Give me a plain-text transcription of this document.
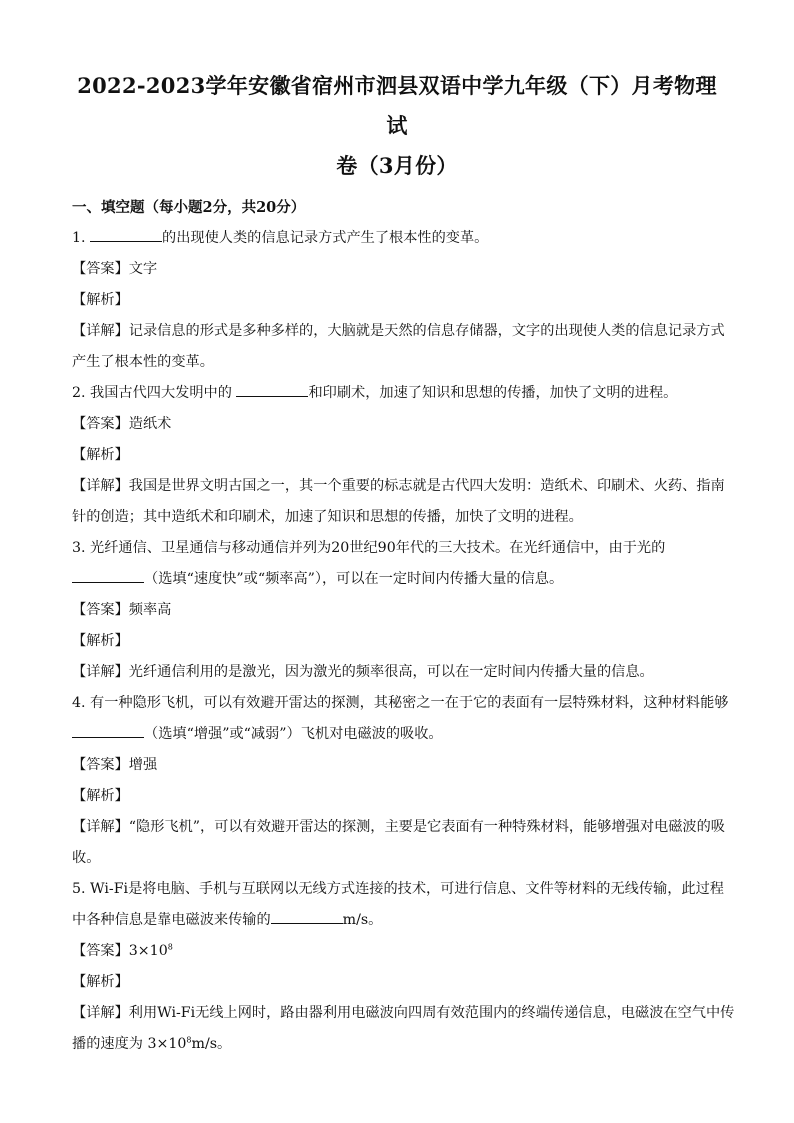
2022-2023学年安徽省宿州市泗县双语中学九年级（下）月考物理试
卷（3月份）
一、填空题（每小题2分，共20分）
1.	的出现使人类的信息记录方式产生了根本性的变革。
【答案】文字
【解析】
【详解】记录信息的形式是多种多样的，大脑就是天然的信息存储器，文字的出现使人类的信息记录方式
产生了根本性的变革。
2. 我国古代四大发明中的	和印刷术，加速了知识和思想的传播，加快了文明的进程。
【答案】造纸术
【解析】
【详解】我国是世界文明古国之一，其一个重要的标志就是古代四大发明：造纸术、印刷术、火药、指南
针的创造；其中造纸术和印刷术，加速了知识和思想的传播，加快了文明的进程。
3. 光纤通信、卫星通信与移动通信并列为20世纪90年代的三大技术。在光纤通信中，由于光的
（选填“速度快”或“频率高”），可以在一定时间内传播大量的信息。
【答案】频率高
【解析】
【详解】光纤通信利用的是激光，因为激光的频率很高，可以在一定时间内传播大量的信息。
4. 有一种隐形飞机，可以有效避开雷达的探测，其秘密之一在于它的表面有一层特殊材料，这种材料能够
（选填“增强”或“减弱”）飞机对电磁波的吸收。
【答案】增强
【解析】
【详解】“隐形飞机”，可以有效避开雷达的探测，主要是它表面有一种特殊材料，能够增强对电磁波的吸
收。
5. Wi-Fi是将电脑、手机与互联网以无线方式连接的技术，可进行信息、文件等材料的无线传输，此过程
中各种信息是靠电磁波来传输的	m/s。
【答案】$3\times 10^8$
【解析】
【详解】利用Wi-Fi无线上网时，路由器利用电磁波向四周有效范围内的终端传递信息，电磁波在空气中传
播的速度为 $3\times 10^8m/s$。
